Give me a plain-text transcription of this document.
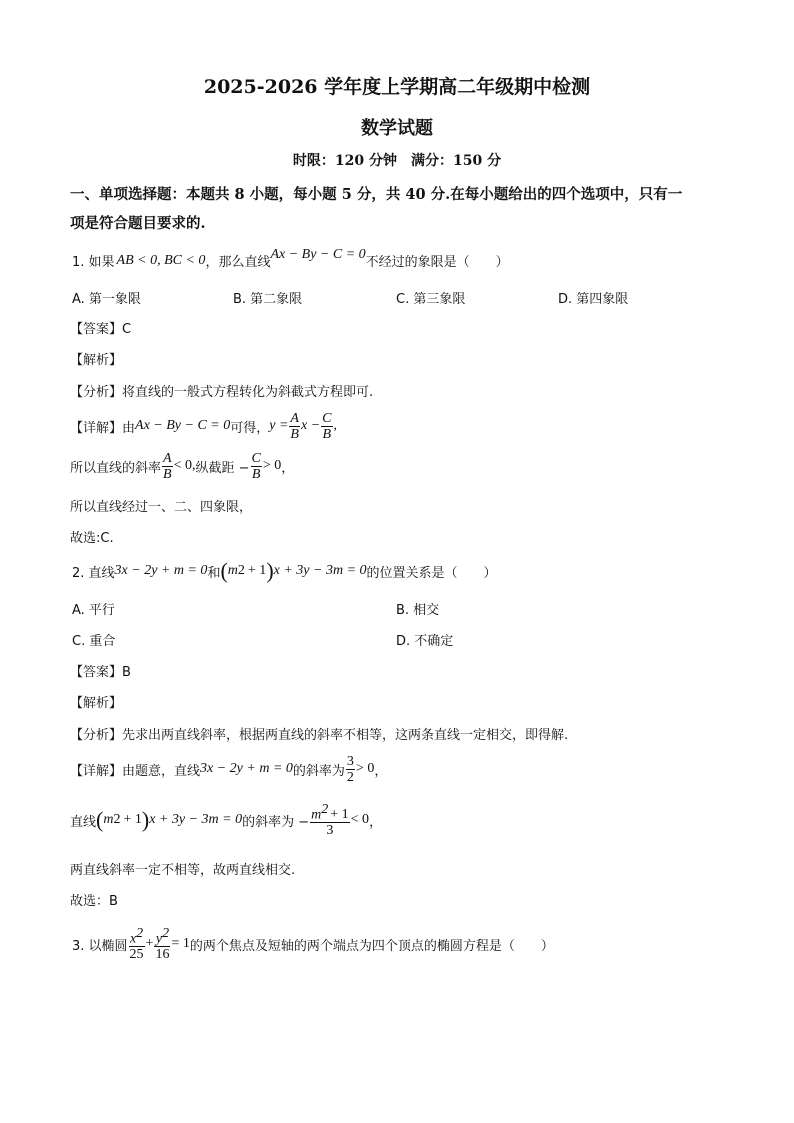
2025-2026 学年度上学期高二年级期中检测
数学试题
时限：120 分钟　满分：150 分
一、单项选择题：本题共 8 小题，每小题 5 分，共 40 分.在每小题给出的四个选项中，只有一
项是符合题目要求的.
1. 如果 AB < 0, BC < 0 ，那么直线
Ax − By − C = 0
不经过的象限是（　　）
A. 第一象限	B. 第二象限	C. 第三象限	D. 第四象限
【答案】C
【解析】
【分析】将直线的一般式方程转化为斜截式方程即可.
【详解】由 Ax − By − C = 0 可得， $y = \frac{A}{B}$ $x - \frac{C}{B}$ ,
所以直线的斜率 $\frac{A}{B} < 0$, 纵截距 − $\frac{C}{B} > 0$ ，
所以直线经过一、二、四象限，
故选:C.
2. 直线 3x − 2y + m = 0 和 ( m 2 + 1 ) x + 3y − 3m = 0 的位置关系是（　　）
A. 平行	B. 相交
C. 重合	D. 不确定
【答案】B
【解析】
【分析】先求出两直线斜率，根据两直线的斜率不相等，这两条直线一定相交，即得解.
【详解】由题意，直线 3x − 2y + m = 0 的斜率为 $\frac{3}{2} > 0$ ，
直线 ( m 2 + 1 ) x + 3y − 3m = 0 的斜率为 − $\frac{m^2 + 1}{3} < 0$ ，
两直线斜率一定不相等，故两直线相交.
故选：B
3. 以椭圆 $\frac{x^2}{25} + \frac{y^2}{16} = 1$ 的两个焦点及短轴的两个端点为四个顶点的椭圆方程是（　　）
